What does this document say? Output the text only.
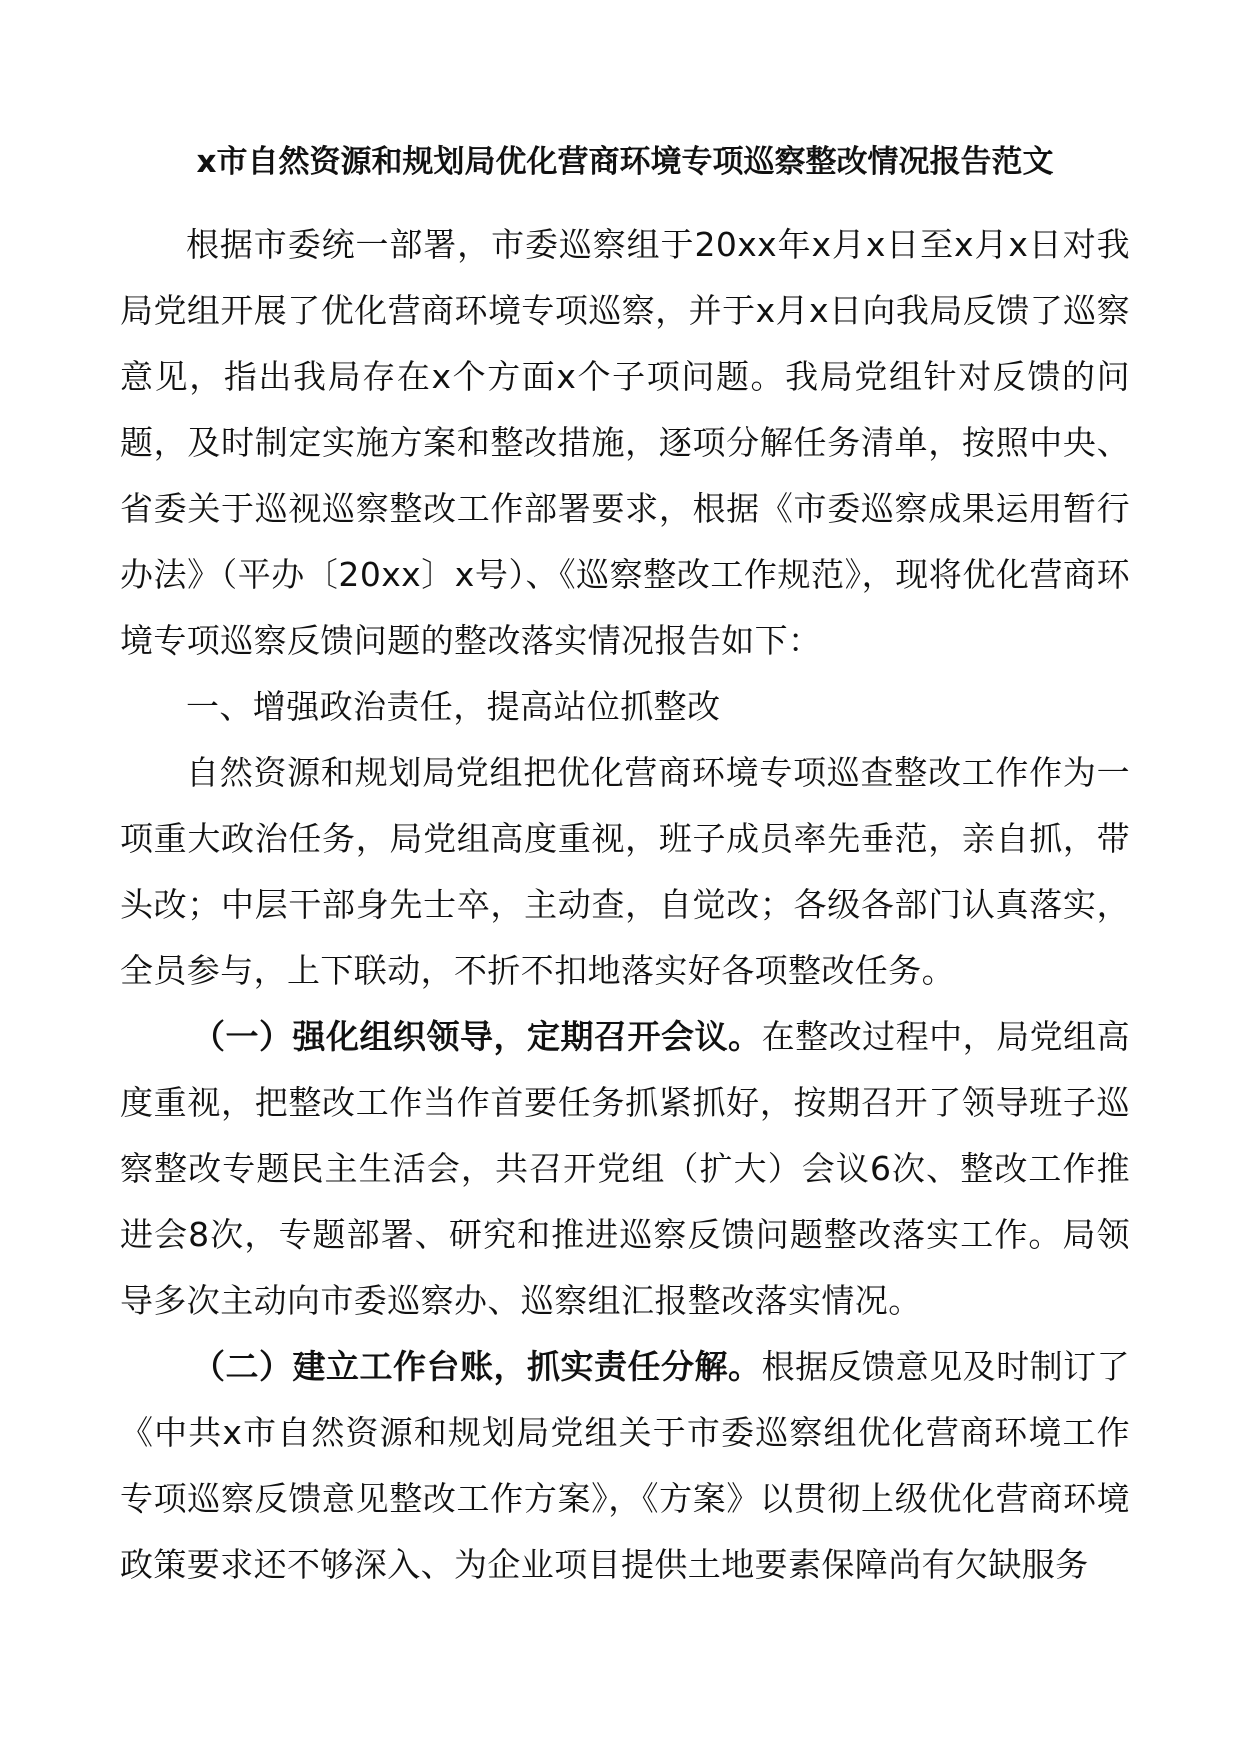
x市自然资源和规划局优化营商环境专项巡察整改情况报告范文

根据市委统一部署，市委巡察组于20xx年x月x日至x月x日对我局党组开展了优化营商环境专项巡察，并于x月x日向我局反馈了巡察意见，指出我局存在x个方面x个子项问题。我局党组针对反馈的问题，及时制定实施方案和整改措施，逐项分解任务清单，按照中央、省委关于巡视巡察整改工作部署要求，根据《市委巡察成果运用暂行办法》（平办〔20xx〕x号）、《巡察整改工作规范》，现将优化营商环境专项巡察反馈问题的整改落实情况报告如下：

一、增强政治责任，提高站位抓整改

自然资源和规划局党组把优化营商环境专项巡查整改工作作为一项重大政治任务，局党组高度重视，班子成员率先垂范，亲自抓，带头改；中层干部身先士卒，主动查，自觉改；各级各部门认真落实，全员参与，上下联动，不折不扣地落实好各项整改任务。

（一）强化组织领导，定期召开会议。在整改过程中，局党组高度重视，把整改工作当作首要任务抓紧抓好，按期召开了领导班子巡察整改专题民主生活会，共召开党组（扩大）会议6次、整改工作推进会8次，专题部署、研究和推进巡察反馈问题整改落实工作。局领导多次主动向市委巡察办、巡察组汇报整改落实情况。

（二）建立工作台账，抓实责任分解。根据反馈意见及时制订了《中共x市自然资源和规划局党组关于市委巡察组优化营商环境工作专项巡察反馈意见整改工作方案》，《方案》以贯彻上级优化营商环境政策要求还不够深入、为企业项目提供土地要素保障尚有欠缺服务
